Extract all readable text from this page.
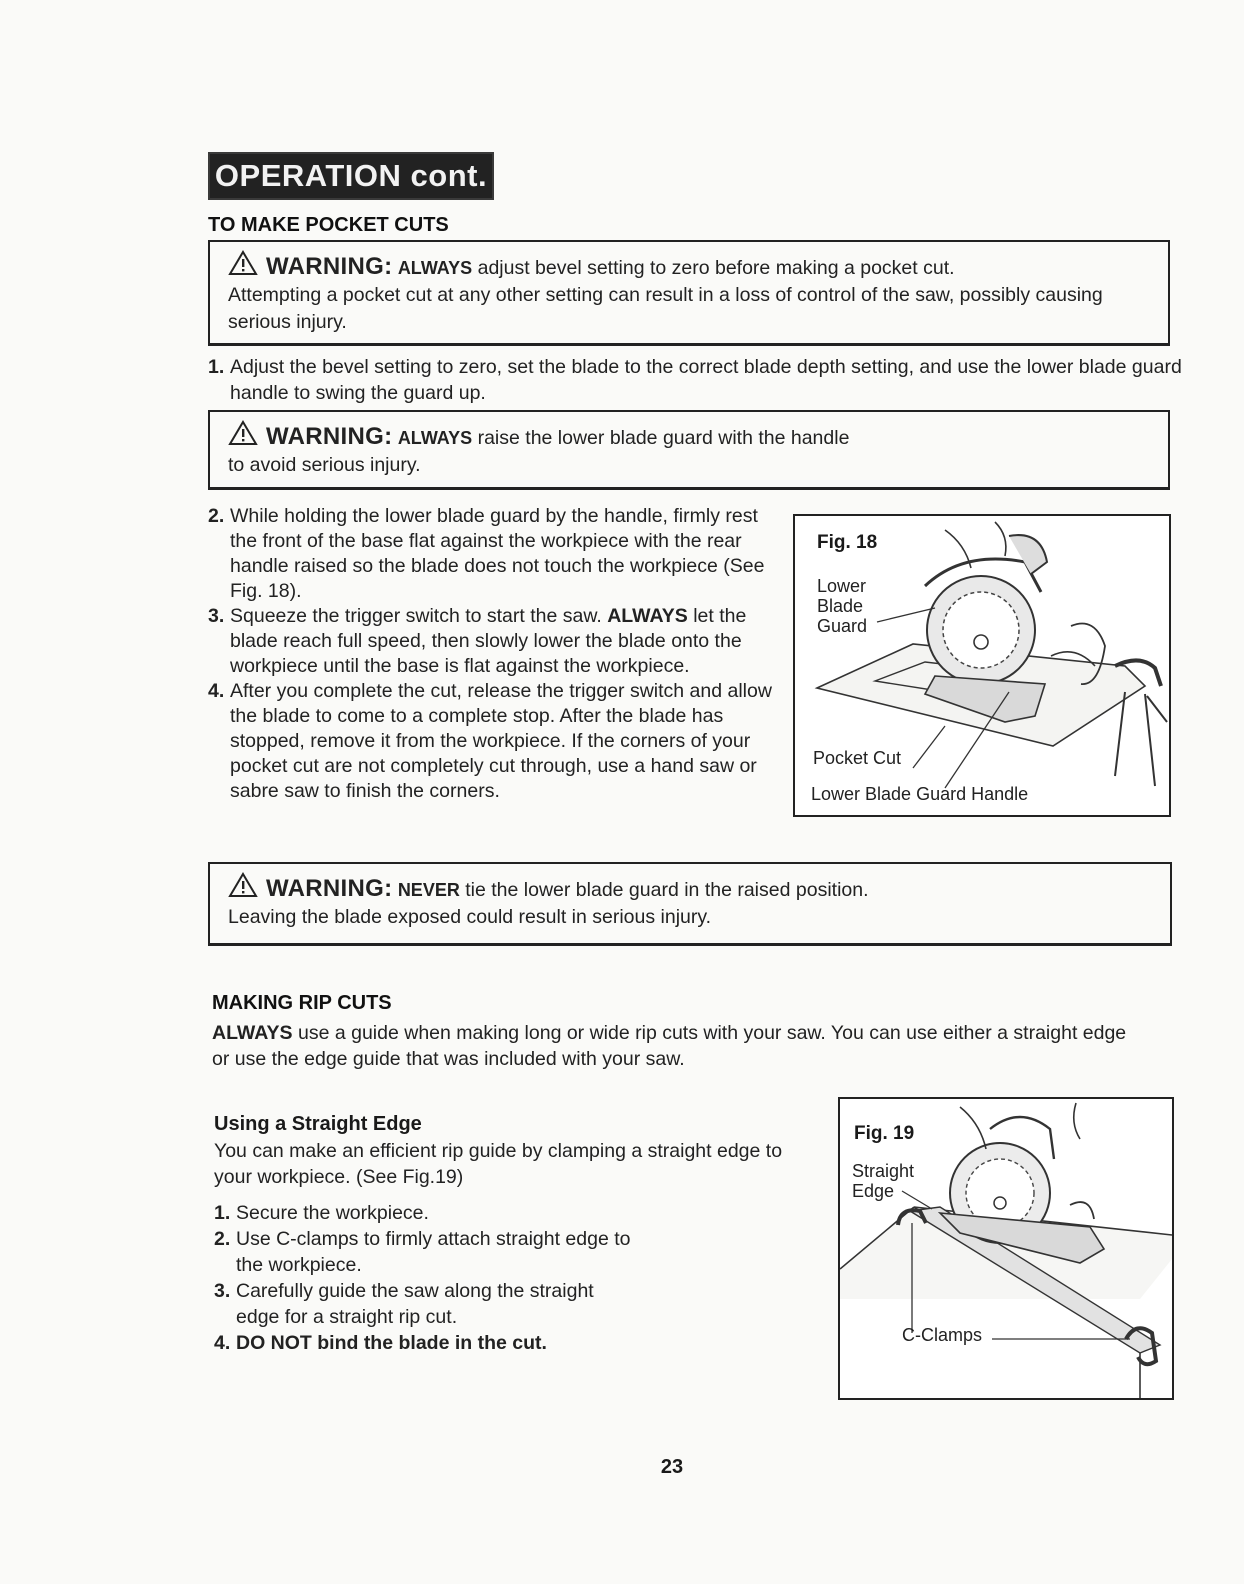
OPERATION cont.
TO MAKE POCKET CUTS
WARNING: ALWAYS adjust bevel setting to zero before making a pocket cut.
Attempting a pocket cut at any other setting can result in a loss of control of the saw, possibly causing serious injury.
1. Adjust the bevel setting to zero, set the blade to the correct blade depth setting, and use the lower blade guard handle to swing the guard up.
WARNING: ALWAYS raise the lower blade guard with the handle
to avoid serious injury.
2. While holding the lower blade guard by the handle, firmly rest the front of the base flat against the workpiece with the rear handle raised so the blade does not touch the workpiece (See Fig. 18).
3. Squeeze the trigger switch to start the saw. ALWAYS let the blade reach full speed, then slowly lower the blade onto the workpiece until the base is flat against the workpiece.
4. After you complete the cut, release the trigger switch and allow the blade to come to a complete stop. After the blade has stopped, remove it from the workpiece. If the corners of your pocket cut are not completely cut through, use a hand saw or sabre saw to finish the corners.
Fig. 18
Lower
Blade
Guard
Pocket Cut
Lower Blade Guard Handle
WARNING: NEVER tie the lower blade guard in the raised position.
Leaving the blade exposed could result in serious injury.
MAKING RIP CUTS
ALWAYS use a guide when making long or wide rip cuts with your saw. You can use either a straight edge or use the edge guide that was included with your saw.
Using a Straight Edge
You can make an efficient rip guide by clamping a straight edge to your workpiece. (See Fig.19)
1. Secure the workpiece.
2. Use C-clamps to firmly attach straight edge to the workpiece.
3. Carefully guide the saw along the straight edge for a straight rip cut.
4. DO NOT bind the blade in the cut.
Fig. 19
Straight
Edge
C-Clamps
23
